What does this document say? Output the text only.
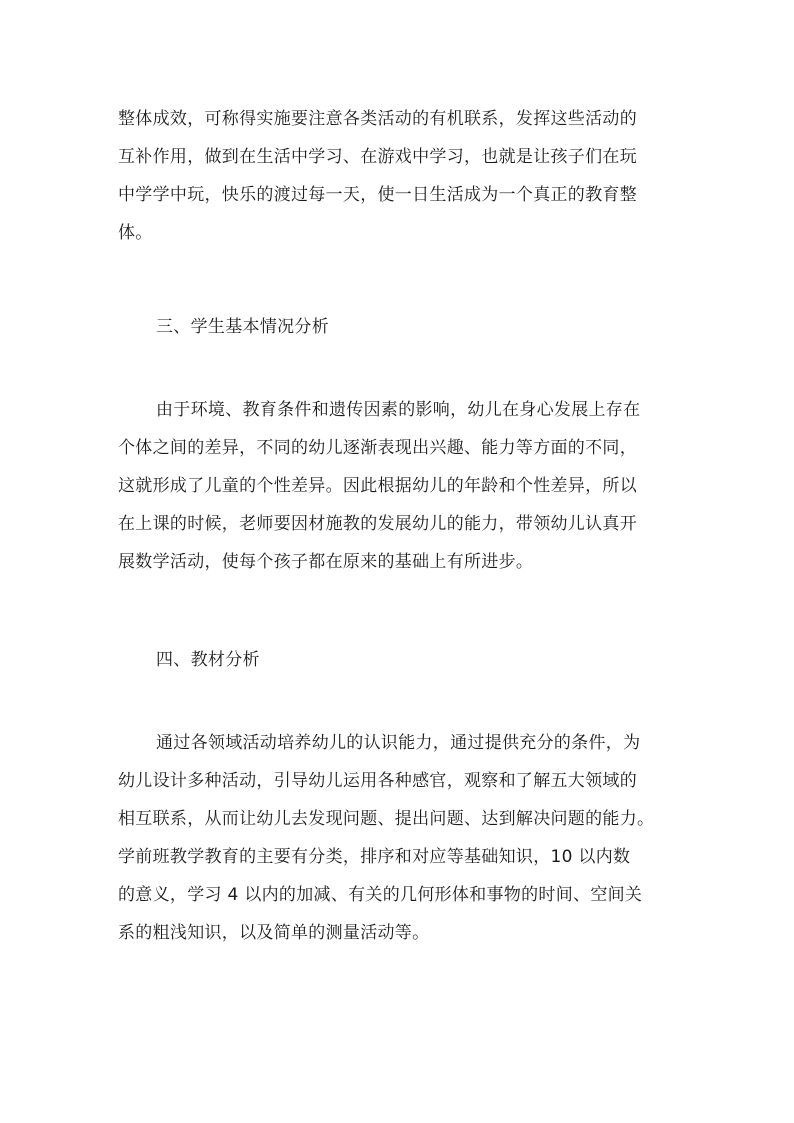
整体成效，可称得实施要注意各类活动的有机联系，发挥这些活动的
互补作用，做到在生活中学习、在游戏中学习，也就是让孩子们在玩
中学学中玩，快乐的渡过每一天，使一日生活成为一个真正的教育整
体。
三、学生基本情况分析
由于环境、教育条件和遗传因素的影响，幼儿在身心发展上存在
个体之间的差异，不同的幼儿逐渐表现出兴趣、能力等方面的不同，
这就形成了儿童的个性差异。因此根据幼儿的年龄和个性差异，所以
在上课的时候，老师要因材施教的发展幼儿的能力，带领幼儿认真开
展数学活动，使每个孩子都在原来的基础上有所进步。
四、教材分析
通过各领域活动培养幼儿的认识能力，通过提供充分的条件，为
幼儿设计多种活动，引导幼儿运用各种感官，观察和了解五大领域的
相互联系，从而让幼儿去发现问题、提出问题、达到解决问题的能力。
学前班教学教育的主要有分类，排序和对应等基础知识，10 以内数
的意义，学习 4 以内的加减、有关的几何形体和事物的时间、空间关
系的粗浅知识，以及简单的测量活动等。
